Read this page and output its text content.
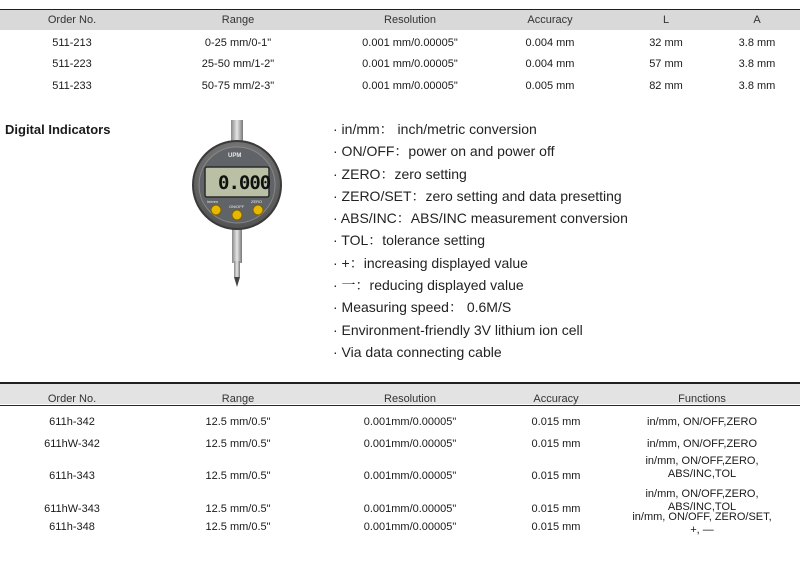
Order No.	Range	Resolution	Accuracy	L	A
511-213	0-25 mm/0-1"	0.001 mm/0.00005"	0.004 mm	32 mm	3.8 mm
511-223	25-50 mm/1-2"	0.001 mm/0.00005"	0.004 mm	57 mm	3.8 mm
511-233	50-75 mm/2-3"	0.001 mm/0.00005"	0.005 mm	82 mm	3.8 mm
Digital Indicators
UPM
0.000
in/mm
ON/OFF
ZERO
· in/mm： inch/metric conversion
· ON/OFF：power on and power off
· ZERO：zero setting
· ZERO/SET：zero setting and data presetting
· ABS/INC：ABS/INC measurement conversion
· TOL：tolerance setting
· +：increasing displayed value
· 一：reducing displayed value
· Measuring speed： 0.6M/S
· Environment-friendly 3V lithium ion cell
· Via data connecting cable
Order No.	Range	Resolution	Accuracy	Functions
611h-342	12.5 mm/0.5"	0.001mm/0.00005"	0.015 mm	in/mm, ON/OFF,ZERO
611hW-342	12.5 mm/0.5"	0.001mm/0.00005"	0.015 mm	in/mm, ON/OFF,ZERO
611h-343	12.5 mm/0.5"	0.001mm/0.00005"	0.015 mm
in/mm, ON/OFF,ZERO, ABS/INC,TOL
611hW-343	12.5 mm/0.5"	0.001mm/0.00005"	0.015 mm
in/mm, ON/OFF,ZERO, ABS/INC,TOL
611h-348	12.5 mm/0.5"	0.001mm/0.00005"	0.015 mm
in/mm, ON/OFF, ZERO/SET, +, —
